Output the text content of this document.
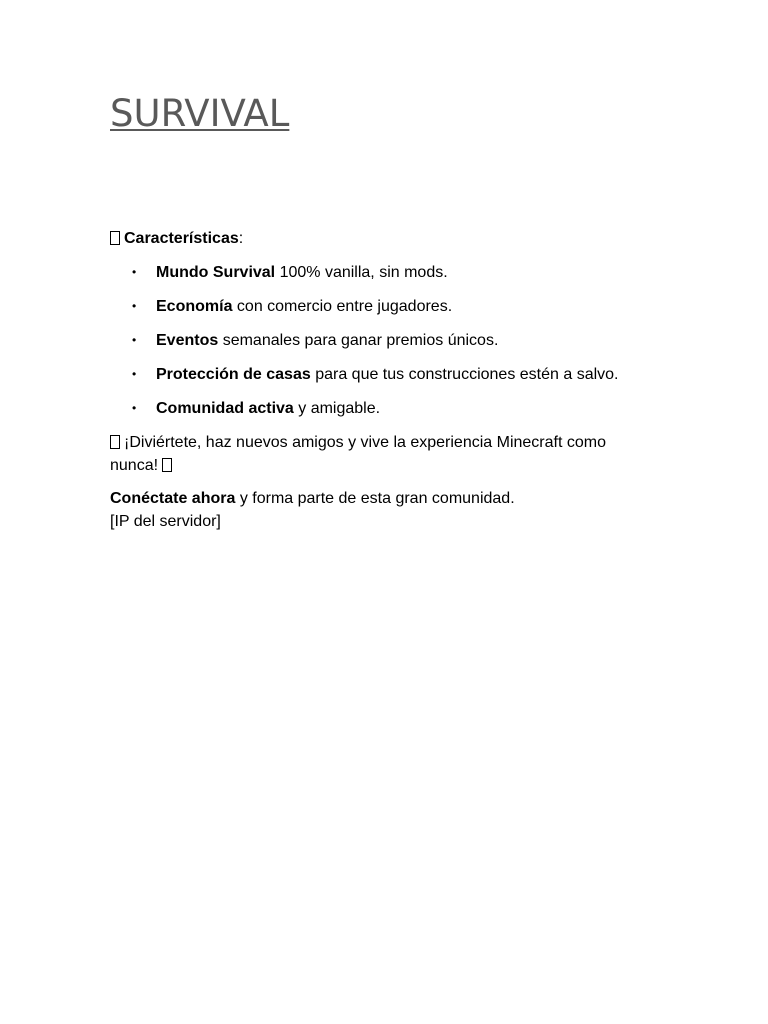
SURVIVAL

Características:

• Mundo Survival 100% vanilla, sin mods.
• Economía con comercio entre jugadores.
• Eventos semanales para ganar premios únicos.
• Protección de casas para que tus construcciones estén a salvo.
• Comunidad activa y amigable.

¡Diviértete, haz nuevos amigos y vive la experiencia Minecraft como nunca!

Conéctate ahora y forma parte de esta gran comunidad.
[IP del servidor]
